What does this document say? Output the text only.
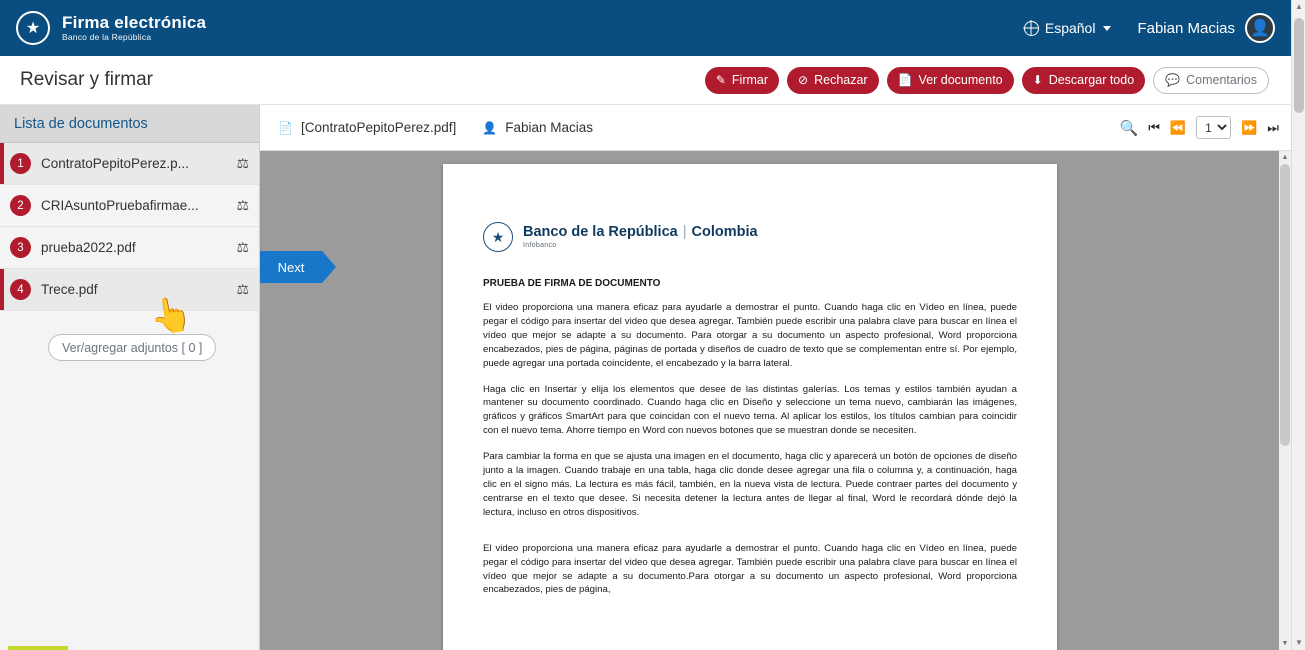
★	Firma electrónica
Banco de la República
Español	Fabian Macias 👤
Revisar y firmar	✎ Firmar	⊘ Rechazar	📄 Ver documento	⬇ Descargar todo	💬 Comentarios
Lista de documentos
1	ContratoPepitoPerez.p...	⚖
2	CRIAsuntoPruebafirmae...	⚖
3	prueba2022.pdf	⚖
4	Trece.pdf	⚖
Ver/agregar adjuntos [ 0 ]
📄 [ContratoPepitoPerez.pdf] 👤 Fabian Macias	🔍 ⏮ ⏪
1	⏩ ⏭
Next
★	Banco de la República | Colombia
Infobanco
PRUEBA DE FIRMA DE DOCUMENTO
El video proporciona una manera eficaz para ayudarle a demostrar el punto. Cuando haga clic en Vídeo en línea, puede pegar el código para insertar del video que desea agregar. También puede escribir una palabra clave para buscar en línea el vídeo que mejor se adapte a su documento. Para otorgar a su documento un aspecto profesional, Word proporciona encabezados, pies de página, páginas de portada y diseños de cuadro de texto que se complementan entre sí. Por ejemplo, puede agregar una portada coincidente, el encabezado y la barra lateral.
Haga clic en Insertar y elija los elementos que desee de las distintas galerías. Los temas y estilos también ayudan a mantener su documento coordinado. Cuando haga clic en Diseño y seleccione un tema nuevo, cambiarán las imágenes, gráficos y gráficos SmartArt para que coincidan con el nuevo tema. Al aplicar los estilos, los títulos cambian para coincidir con el nuevo tema. Ahorre tiempo en Word con nuevos botones que se muestran donde se necesiten.
Para cambiar la forma en que se ajusta una imagen en el documento, haga clic y aparecerá un botón de opciones de diseño junto a la imagen. Cuando trabaje en una tabla, haga clic donde desee agregar una fila o columna y, a continuación, haga clic en el signo más. La lectura es más fácil, también, en la nueva vista de lectura. Puede contraer partes del documento y centrarse en el texto que desee. Si necesita detener la lectura antes de llegar al final, Word le recordará dónde dejó la lectura, incluso en otros dispositivos.
El video proporciona una manera eficaz para ayudarle a demostrar el punto. Cuando haga clic en Vídeo en línea, puede pegar el código para insertar del video que desea agregar. También puede escribir una palabra clave para buscar en línea el vídeo que mejor se adapte a su documento.Para otorgar a su documento un aspecto profesional, Word proporciona encabezados, pies de página,
▲
▼
👆
▲
▼
